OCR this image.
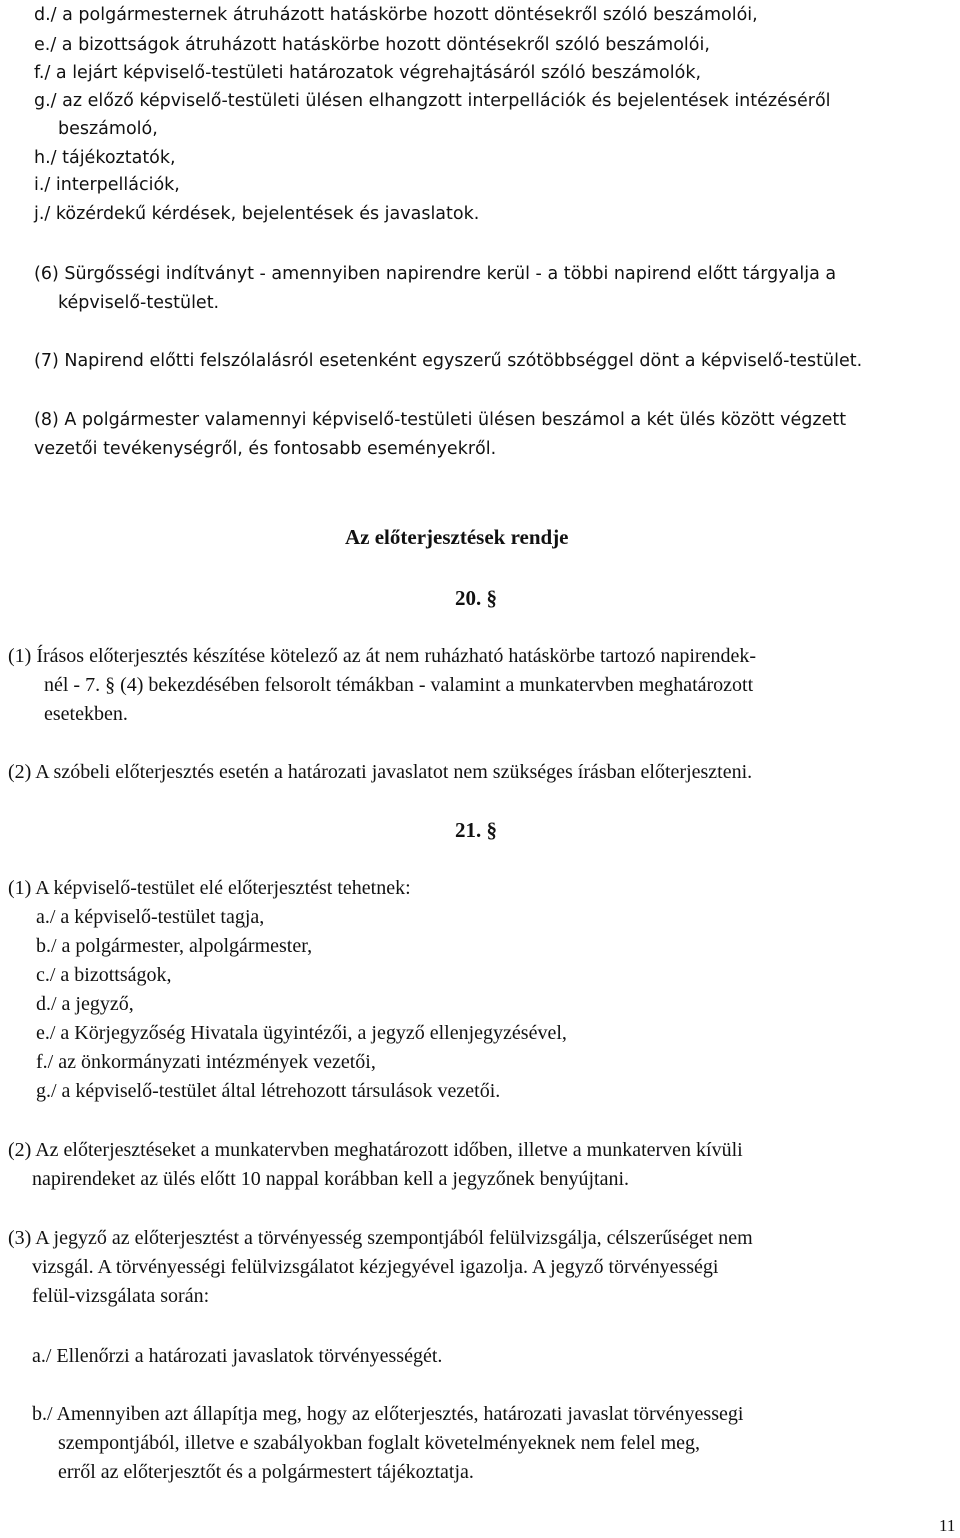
d./ a polgármesternek átruházott hatáskörbe hozott döntésekről szóló beszámolói,
e./ a bizottságok átruházott hatáskörbe hozott döntésekről szóló beszámolói,
f./ a lejárt képviselő-testületi határozatok végrehajtásáról szóló beszámolók,
g./ az előző képviselő-testületi ülésen elhangzott interpellációk és bejelentések intézéséről
beszámoló,
h./ tájékoztatók,
i./ interpellációk,
j./ közérdekű kérdések, bejelentések és javaslatok.
(6) Sürgősségi indítványt - amennyiben napirendre kerül - a többi napirend előtt tárgyalja a
képviselő-testület.
(7) Napirend előtti felszólalásról esetenként egyszerű szótöbbséggel dönt a képviselő-testület.
(8) A polgármester valamennyi képviselő-testületi ülésen beszámol a két ülés között végzett
vezetői tevékenységről, és fontosabb eseményekről.
Az előterjesztések rendje
20. §
(1) Írásos előterjesztés készítése kötelező az át nem ruházható hatáskörbe tartozó napirendek-
nél - 7. § (4) bekezdésében felsorolt témákban - valamint a munkatervben meghatározott
esetekben.
(2) A szóbeli előterjesztés esetén a határozati javaslatot nem szükséges írásban előterjeszteni.
21. §
(1) A képviselő-testület elé előterjesztést tehetnek:
a./ a képviselő-testület tagja,
b./ a polgármester, alpolgármester,
c./ a bizottságok,
d./ a jegyző,
e./ a Körjegyzőség Hivatala ügyintézői, a jegyző ellenjegyzésével,
f./ az önkormányzati intézmények vezetői,
g./ a képviselő-testület által létrehozott társulások vezetői.
(2) Az előterjesztéseket a munkatervben meghatározott időben, illetve a munkaterven kívüli
napirendeket az ülés előtt 10 nappal korábban kell a jegyzőnek benyújtani.
(3) A jegyző az előterjesztést a törvényesség szempontjából felülvizsgálja, célszerűséget nem
vizsgál. A törvényességi felülvizsgálatot kézjegyével igazolja. A jegyző törvényességi
felül-vizsgálata során:
a./ Ellenőrzi a határozati javaslatok törvényességét.
b./ Amennyiben azt állapítja meg, hogy az előterjesztés, határozati javaslat törvényessegi
szempontjából, illetve e szabályokban foglalt követelményeknek nem felel meg,
erről az előterjesztőt és a polgármestert tájékoztatja.
11
